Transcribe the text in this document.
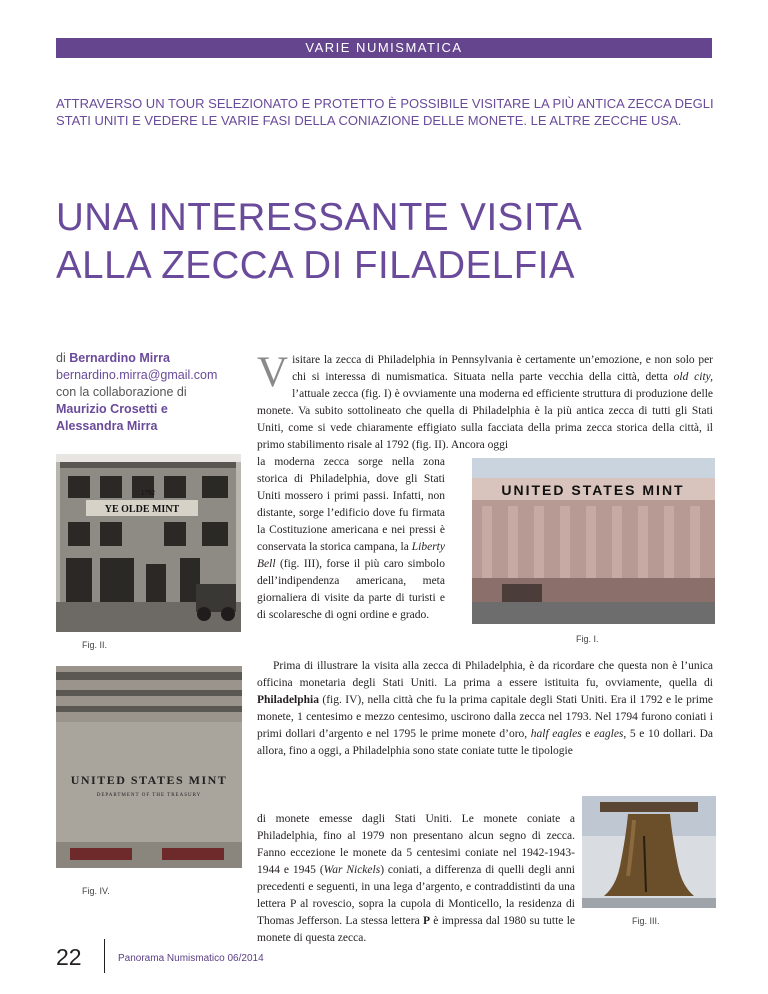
VARIE NUMISMATICA
ATTRAVERSO UN TOUR SELEZIONATO E PROTETTO È POSSIBILE VISITARE LA PIÙ ANTICA ZECCA DEGLI STATI UNITI E VEDERE LE VARIE FASI DELLA CONIAZIONE DELLE MONETE. LE ALTRE ZECCHE USA.
UNA INTERESSANTE VISITA
ALLA ZECCA DI FILADELFIA
di Bernardino Mirra
bernardino.mirra@gmail.com
con la collaborazione di
Maurizio Crosetti e
Alessandra Mirra
Visitare la zecca di Philadelphia in Pennsylvania è certamente un’emozione, e non solo per chi si interessa di numismatica. Situata nella parte vecchia della città, detta old city, l’attuale zecca (fig. I) è ovviamente una moderna ed efficiente struttura di produzione delle monete. Va subito sottolineato che quella di Philadelphia è la più antica zecca di tutti gli Stati Uniti, come si vede chiaramente effigiato sulla facciata della prima zecca storica della città, il primo stabilimento risale al 1792 (fig. II). Ancora oggi
la moderna zecca sorge nella zona storica di Philadelphia, dove gli Stati Uniti mossero i primi passi. Infatti, non distante, sorge l’edificio dove fu firmata la Costituzione americana e nei pressi è conservata la storica campana, la Liberty Bell (fig. III), forse il più caro simbolo dell’indipendenza americana, meta giornaliera di visite da parte di turisti e di scolaresche di ogni ordine e grado.
Prima di illustrare la visita alla zecca di Philadelphia, è da ricordare che questa non è l’unica officina monetaria degli Stati Uniti. La prima a essere istituita fu, ovviamente, quella di Philadelphia (fig. IV), nella città che fu la prima capitale degli Stati Uniti. Era il 1792 e le prime monete, 1 centesimo e mezzo centesimo, uscirono dalla zecca nel 1793. Nel 1794 furono coniati i primi dollari d’argento e nel 1795 le prime monete d’oro, half eagles e eagles, 5 e 10 dollari. Da allora, fino a oggi, a Philadelphia sono state coniate tutte le tipologie
di monete emesse dagli Stati Uniti. Le monete coniate a Philadelphia, fino al 1979 non presentano alcun segno di zecca. Fanno eccezione le monete da 5 centesimi coniate nel 1942-1943-1944 e 1945 (War Nickels) coniati, a differenza di quelli degli anni precedenti e seguenti, in una lega d’argento, e contraddistinti da una lettera P al rovescio, sopra la cupola di Monticello, la residenza di Thomas Jefferson. La stessa lettera P è impressa dal 1980 su tutte le monete di questa zecca.
1792
YE OLDE MINT
Fig. II.
UNITED STATES MINT
Fig. I.
UNITED STATES MINT
DEPARTMENT OF THE TREASURY
Fig. IV.
Fig. III.
22	Panorama Numismatico 06/2014
